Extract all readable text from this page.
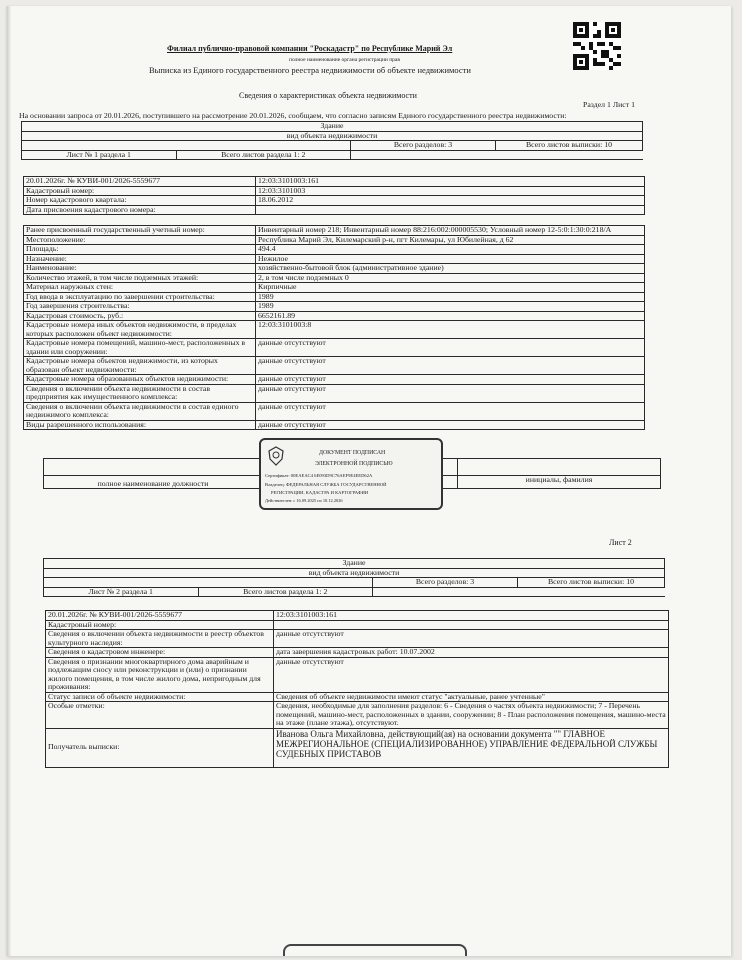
Филиал публично-правовой компании "Роскадастр" по Республике Марий Эл
полное наименование органа регистрации прав
Выписка из Единого государственного реестра недвижимости об объекте недвижимости
Сведения о характеристиках объекта недвижимости
На основании запроса от 20.01.2026, поступившего на рассмотрение 20.01.2026, сообщаем, что согласно записям Единого государственного реестра недвижимости:
Раздел 1 Лист 1
Здание			
вид объекта недвижимости			
		Всего разделов: 3	Всего листов выписки: 10
Лист № 1 раздела 1	Всего листов раздела 1: 2		
20.01.2026г. № КУВИ-001/2026-5559677	12:03:3101003:161
Кадастровый номер:	12:03:3101003
Номер кадастрового квартала:	18.06.2012
Дата присвоения кадастрового номера:	

Ранее присвоенный государственный учетный номер:	Инвентарный номер 218; Инвентарный номер 88:216:002:000005530; Условный номер 12-5:0:1:30:0:218/А
Местоположение:	Республика Марий Эл, Килемарский р-н, пгт Килемары, ул Юбилейная, д 62
Площадь:	494.4
Назначение:	Нежилое
Наименование:	хозяйственно-бытовой блок (административное здание)
Количество этажей, в том числе подземных этажей:	2, в том числе подземных 0
Материал наружных стен:	Кирпичные
Год ввода в эксплуатацию по завершении строительства:	1989
Год завершения строительства:	1989
Кадастровая стоимость, руб.:	6652161.89
Кадастровые номера иных объектов недвижимости, в пределах которых расположен объект недвижимости:	12:03:3101003:8
Кадастровые номера помещений, машино-мест, расположенных в здании или сооружении:	данные отсутствуют
Кадастровые номера объектов недвижимости, из которых образован объект недвижимости:	данные отсутствуют
Кадастровые номера образованных объектов недвижимости:	данные отсутствуют
Сведения о включении объекта недвижимости в состав предприятия как имущественного комплекса:	данные отсутствуют
Сведения о включении объекта недвижимости в состав единого недвижимого комплекса:	данные отсутствуют
Виды разрешенного использования:	данные отсутствуют

полное наименование должности		инициалы, фамилия
ДОКУМЕНТ ПОДПИСАН
ЭЛЕКТРОННОЙ ПОДПИСЬЮ
Сертификат: 00EAEAC4 6E093D9C76AEF9E4EED62A
Владелец: ФЕДЕРАЛЬНАЯ СЛУЖБА ГОСУДАРСТВЕННОЙ
РЕГИСТРАЦИИ, КАДАСТРА И КАРТОГРАФИИ
Действителен: с 16.09.2025 по 10.12.2026
Лист 2
Здание			
вид объекта недвижимости			
		Всего разделов: 3	Всего листов выписки: 10
Лист № 2 раздела 1	Всего листов раздела 1: 2		
20.01.2026г. № КУВИ-001/2026-5559677	12:03:3101003:161
Кадастровый номер:	
Сведения о включении объекта недвижимости в реестр объектов культурного наследия:	данные отсутствуют
Сведения о кадастровом инженере:	дата завершения кадастровых работ: 10.07.2002
Сведения о признании многоквартирного дома аварийным и подлежащим сносу или реконструкции и (или) о признании жилого помещения, в том числе жилого дома, непригодным для проживания:	данные отсутствуют
Статус записи об объекте недвижимости:	Сведения об объекте недвижимости имеют статус "актуальные, ранее учтенные"
Особые отметки:	Сведения, необходимые для заполнения разделов: 6 - Сведения о частях объекта недвижимости; 7 - Перечень помещений, машино-мест, расположенных в здании, сооружении; 8 - План расположения помещения, машино-места на этаже (плане этажа), отсутствуют.
Получатель выписки:	Иванова Ольга Михайловна, действующий(ая) на основании документа "" ГЛАВНОЕ МЕЖРЕГИОНАЛЬНОЕ (СПЕЦИАЛИЗИРОВАННОЕ) УПРАВЛЕНИЕ ФЕДЕРАЛЬНОЙ СЛУЖБЫ СУДЕБНЫХ ПРИСТАВОВ
